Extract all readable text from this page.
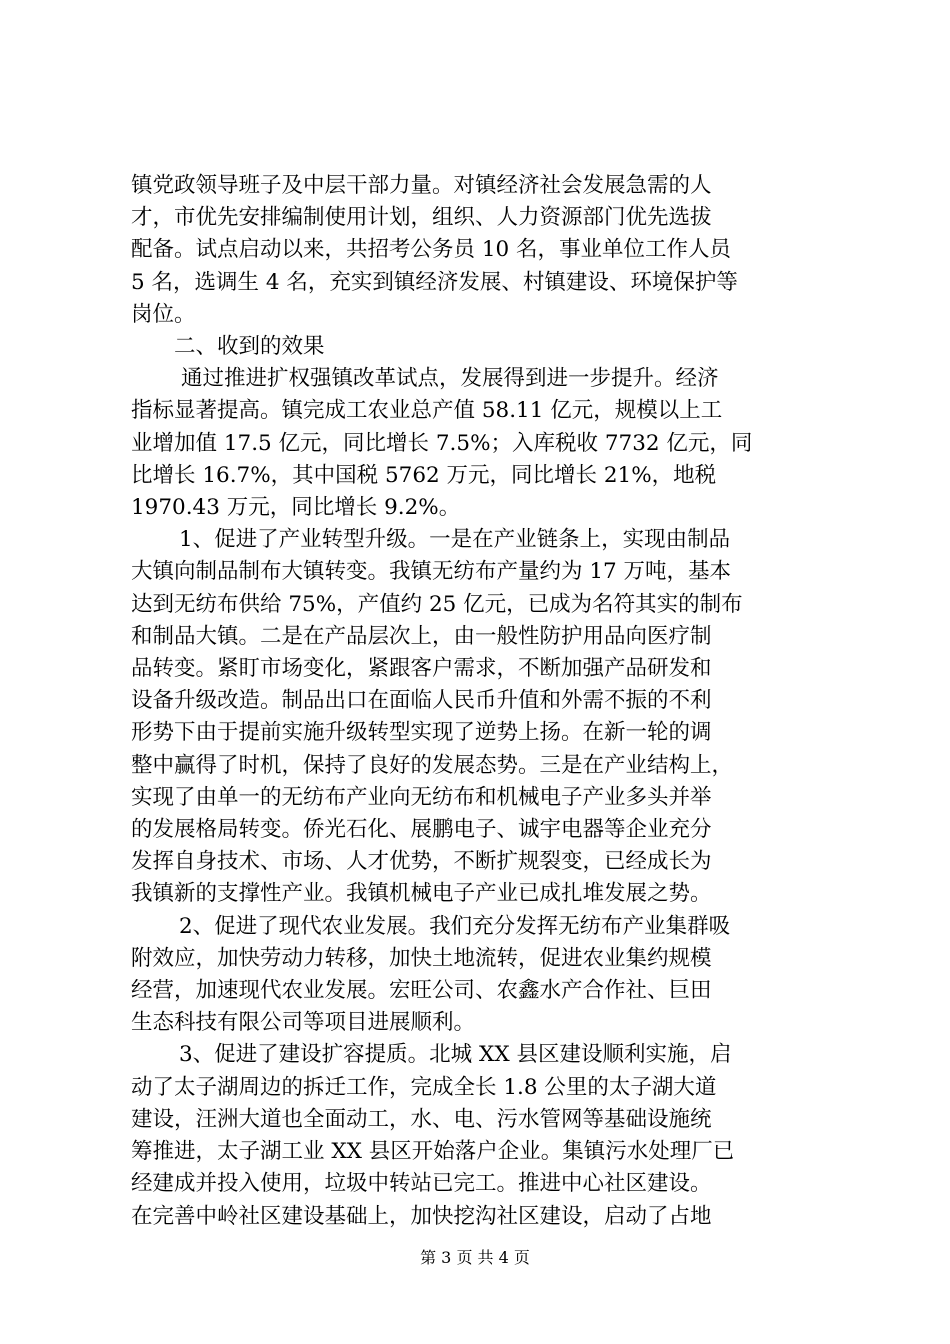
镇党政领导班子及中层干部力量。对镇经济社会发展急需的人
才，市优先安排编制使用计划，组织、人力资源部门优先选拔
配备。试点启动以来，共招考公务员 10 名，事业单位工作人员
5 名，选调生 4 名，充实到镇经济发展、村镇建设、环境保护等
岗位。

二、收到的效果

通过推进扩权强镇改革试点，发展得到进一步提升。经济
指标显著提高。镇完成工农业总产值 58.11 亿元，规模以上工
业增加值 17.5 亿元，同比增长 7.5%；入库税收 7732 亿元，同
比增长 16.7%，其中国税 5762 万元，同比增长 21%，地税
1970.43 万元，同比增长 9.2%。

1、促进了产业转型升级。一是在产业链条上，实现由制品
大镇向制品制布大镇转变。我镇无纺布产量约为 17 万吨，基本
达到无纺布供给 75%，产值约 25 亿元，已成为名符其实的制布
和制品大镇。二是在产品层次上，由一般性防护用品向医疗制
品转变。紧盯市场变化，紧跟客户需求，不断加强产品研发和
设备升级改造。制品出口在面临人民币升值和外需不振的不利
形势下由于提前实施升级转型实现了逆势上扬。在新一轮的调
整中赢得了时机，保持了良好的发展态势。三是在产业结构上，
实现了由单一的无纺布产业向无纺布和机械电子产业多头并举
的发展格局转变。侨光石化、展鹏电子、诚宇电器等企业充分
发挥自身技术、市场、人才优势，不断扩规裂变，已经成长为
我镇新的支撑性产业。我镇机械电子产业已成扎堆发展之势。

2、促进了现代农业发展。我们充分发挥无纺布产业集群吸
附效应，加快劳动力转移，加快土地流转，促进农业集约规模
经营，加速现代农业发展。宏旺公司、农鑫水产合作社、巨田
生态科技有限公司等项目进展顺利。

3、促进了建设扩容提质。北城 XX 县区建设顺利实施，启
动了太子湖周边的拆迁工作，完成全长 1.8 公里的太子湖大道
建设，汪洲大道也全面动工，水、电、污水管网等基础设施统
筹推进，太子湖工业 XX 县区开始落户企业。集镇污水处理厂已
经建成并投入使用，垃圾中转站已完工。推进中心社区建设。
在完善中岭社区建设基础上，加快挖沟社区建设，启动了占地

第 3 页 共 4 页
